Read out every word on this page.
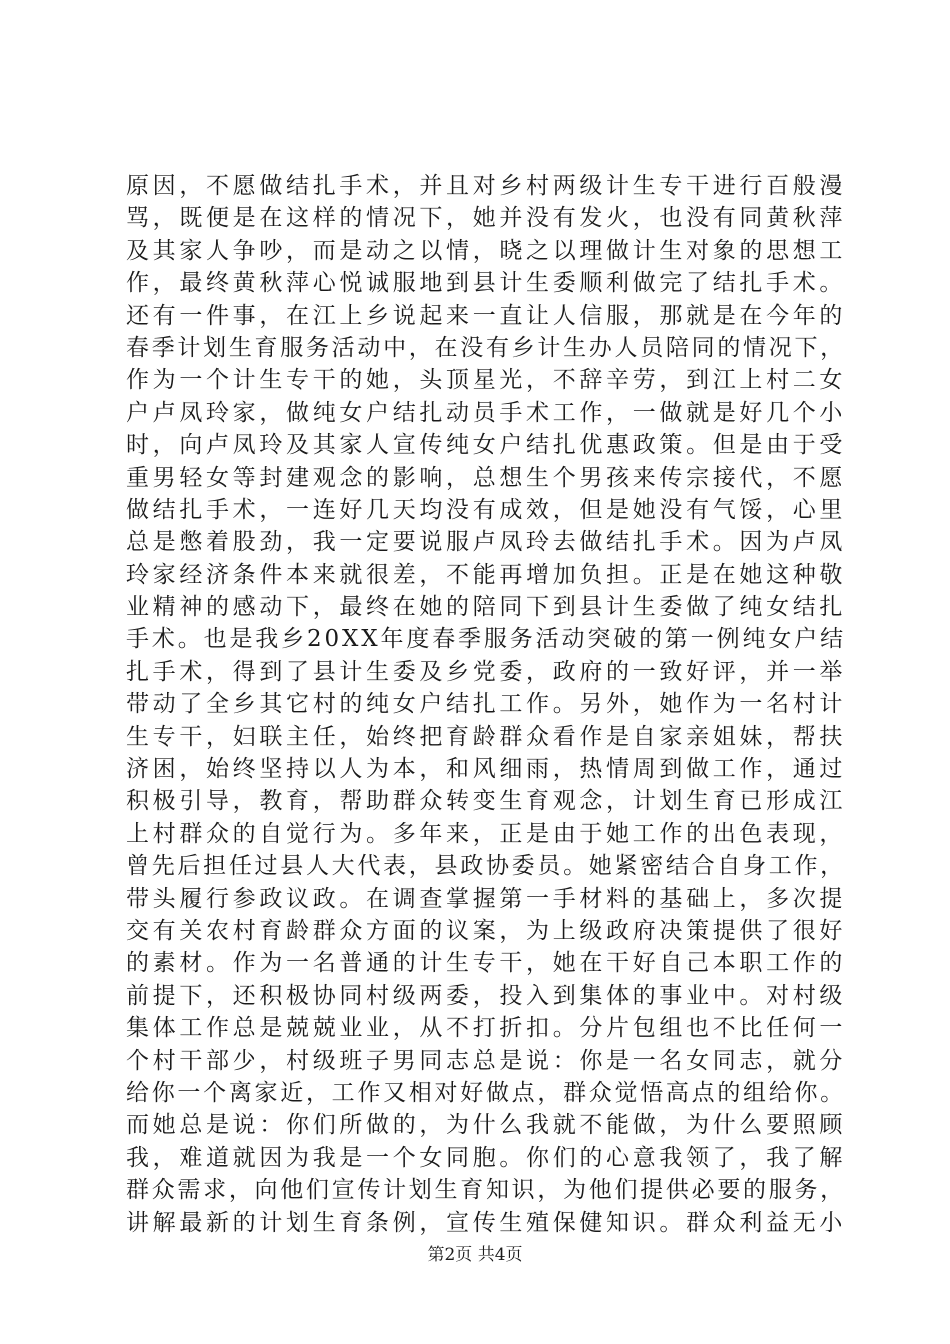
原因，不愿做结扎手术，并且对乡村两级计生专干进行百般漫
骂，既便是在这样的情况下，她并没有发火，也没有同黄秋萍
及其家人争吵，而是动之以情，晓之以理做计生对象的思想工
作，最终黄秋萍心悦诚服地到县计生委顺利做完了结扎手术。
还有一件事，在江上乡说起来一直让人信服，那就是在今年的
春季计划生育服务活动中，在没有乡计生办人员陪同的情况下，
作为一个计生专干的她，头顶星光，不辞辛劳，到江上村二女
户卢凤玲家，做纯女户结扎动员手术工作，一做就是好几个小
时，向卢凤玲及其家人宣传纯女户结扎优惠政策。但是由于受
重男轻女等封建观念的影响，总想生个男孩来传宗接代，不愿
做结扎手术，一连好几天均没有成效，但是她没有气馁，心里
总是憋着股劲，我一定要说服卢凤玲去做结扎手术。因为卢凤
玲家经济条件本来就很差，不能再增加负担。正是在她这种敬
业精神的感动下，最终在她的陪同下到县计生委做了纯女结扎
手术。也是我乡20XX年度春季服务活动突破的第一例纯女户结
扎手术，得到了县计生委及乡党委，政府的一致好评，并一举
带动了全乡其它村的纯女户结扎工作。另外，她作为一名村计
生专干，妇联主任，始终把育龄群众看作是自家亲姐妹，帮扶
济困，始终坚持以人为本，和风细雨，热情周到做工作，通过
积极引导，教育，帮助群众转变生育观念，计划生育已形成江
上村群众的自觉行为。多年来，正是由于她工作的出色表现，
曾先后担任过县人大代表，县政协委员。她紧密结合自身工作，
带头履行参政议政。在调查掌握第一手材料的基础上，多次提
交有关农村育龄群众方面的议案，为上级政府决策提供了很好
的素材。作为一名普通的计生专干，她在干好自己本职工作的
前提下，还积极协同村级两委，投入到集体的事业中。对村级
集体工作总是兢兢业业，从不打折扣。分片包组也不比任何一
个村干部少，村级班子男同志总是说：你是一名女同志，就分
给你一个离家近，工作又相对好做点，群众觉悟高点的组给你。
而她总是说：你们所做的，为什么我就不能做，为什么要照顾
我，难道就因为我是一个女同胞。你们的心意我领了，我了解
群众需求，向他们宣传计划生育知识，为他们提供必要的服务，
讲解最新的计划生育条例，宣传生殖保健知识。群众利益无小
第2页 共4页
